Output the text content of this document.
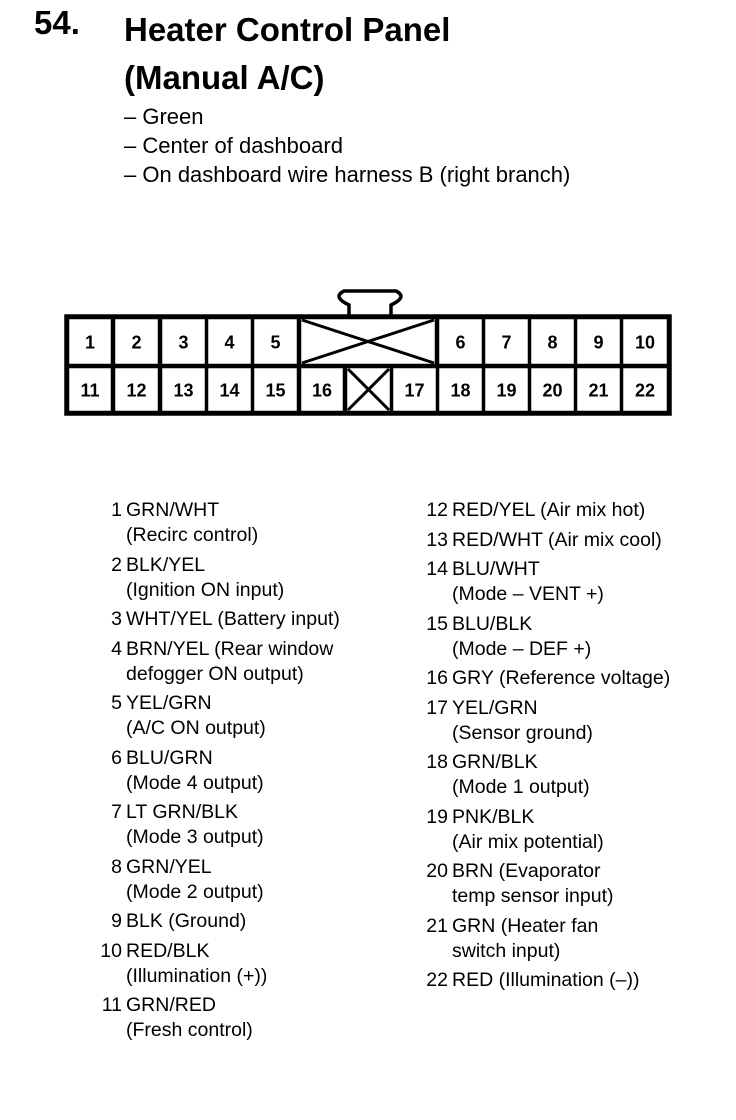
54. Heater Control Panel
(Manual A/C)
– Green
– Center of dashboard
– On dashboard wire harness B (right branch)
1 2 3 4 5	6 7 8 9 10
11 12 13 14 15 16	17 18 19 20 21 22
1 GRN/WHT
(Recirc control)
2 BLK/YEL
(Ignition ON input)
3 WHT/YEL (Battery input)
4 BRN/YEL (Rear window
defogger ON output)
5 YEL/GRN
(A/C ON output)
6 BLU/GRN
(Mode 4 output)
7 LT GRN/BLK
(Mode 3 output)
8 GRN/YEL
(Mode 2 output)
9 BLK (Ground)
10 RED/BLK
(Illumination (+))
11 GRN/RED
(Fresh control)
12 RED/YEL (Air mix hot)
13 RED/WHT (Air mix cool)
14 BLU/WHT
(Mode – VENT +)
15 BLU/BLK
(Mode – DEF +)
16 GRY (Reference voltage)
17 YEL/GRN
(Sensor ground)
18 GRN/BLK
(Mode 1 output)
19 PNK/BLK
(Air mix potential)
20 BRN (Evaporator
temp sensor input)
21 GRN (Heater fan
switch input)
22 RED (Illumination (–))
